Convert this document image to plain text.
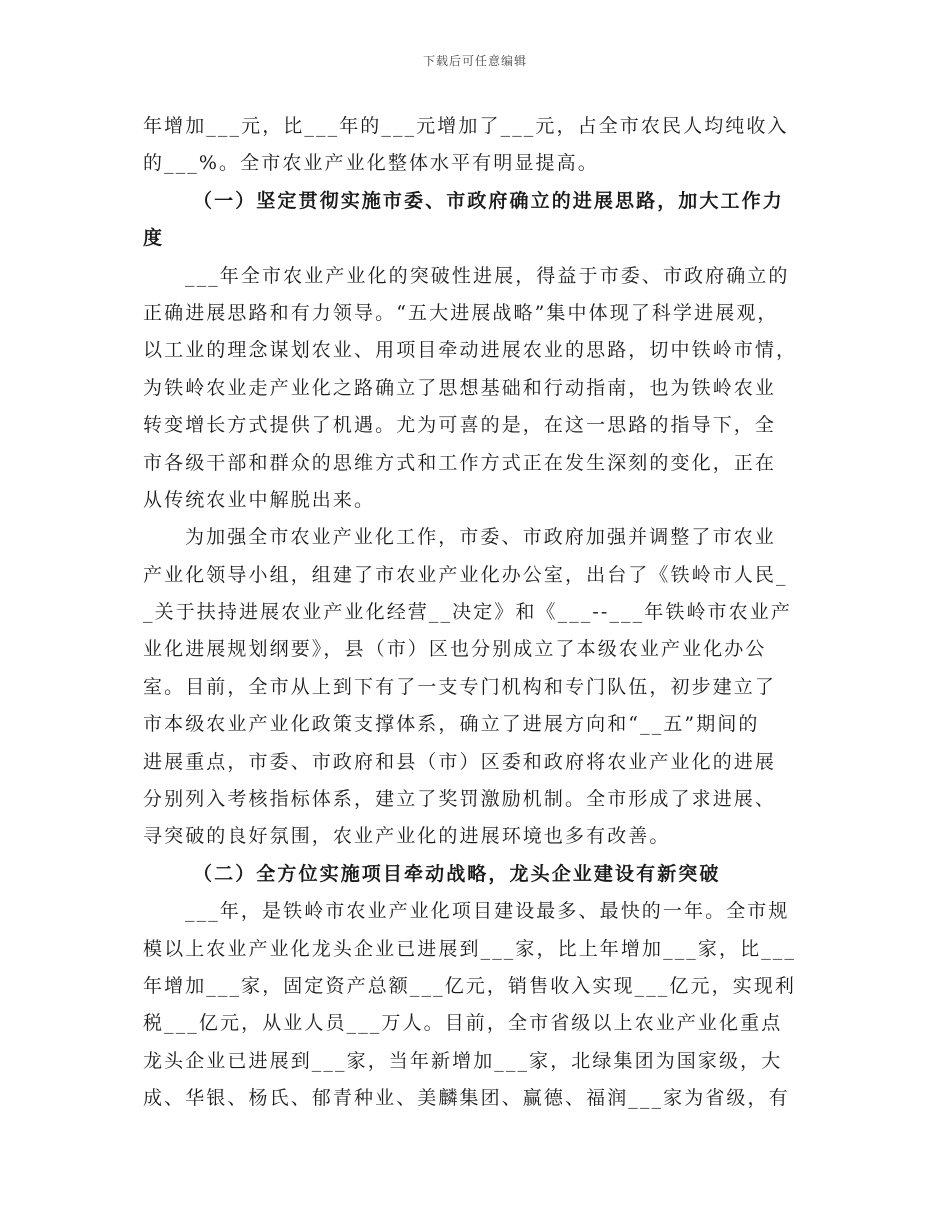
下载后可任意编辑
年增加___元，比___年的___元增加了___元，占全市农民人均纯收入
的___%。全市农业产业化整体水平有明显提高。
（一）坚定贯彻实施市委、市政府确立的进展思路，加大工作力
度
___年全市农业产业化的突破性进展，得益于市委、市政府确立的
正确进展思路和有力领导。“五大进展战略”集中体现了科学进展观，
以工业的理念谋划农业、用项目牵动进展农业的思路，切中铁岭市情，
为铁岭农业走产业化之路确立了思想基础和行动指南，也为铁岭农业
转变增长方式提供了机遇。尤为可喜的是，在这一思路的指导下，全
市各级干部和群众的思维方式和工作方式正在发生深刻的变化，正在
从传统农业中解脱出来。
为加强全市农业产业化工作，市委、市政府加强并调整了市农业
产业化领导小组，组建了市农业产业化办公室，出台了《铁岭市人民_
_关于扶持进展农业产业化经营__决定》和《___--___年铁岭市农业产
业化进展规划纲要》，县（市）区也分别成立了本级农业产业化办公
室。目前，全市从上到下有了一支专门机构和专门队伍，初步建立了
市本级农业产业化政策支撑体系，确立了进展方向和“__五”期间的
进展重点，市委、市政府和县（市）区委和政府将农业产业化的进展
分别列入考核指标体系，建立了奖罚激励机制。全市形成了求进展、
寻突破的良好氛围，农业产业化的进展环境也多有改善。
（二）全方位实施项目牵动战略，龙头企业建设有新突破
___年，是铁岭市农业产业化项目建设最多、最快的一年。全市规
模以上农业产业化龙头企业已进展到___家，比上年增加___家，比___
年增加___家，固定资产总额___亿元，销售收入实现___亿元，实现利
税___亿元，从业人员___万人。目前，全市省级以上农业产业化重点
龙头企业已进展到___家，当年新增加___家，北绿集团为国家级，大
成、华银、杨氏、郁青种业、美麟集团、赢德、福润___家为省级，有
